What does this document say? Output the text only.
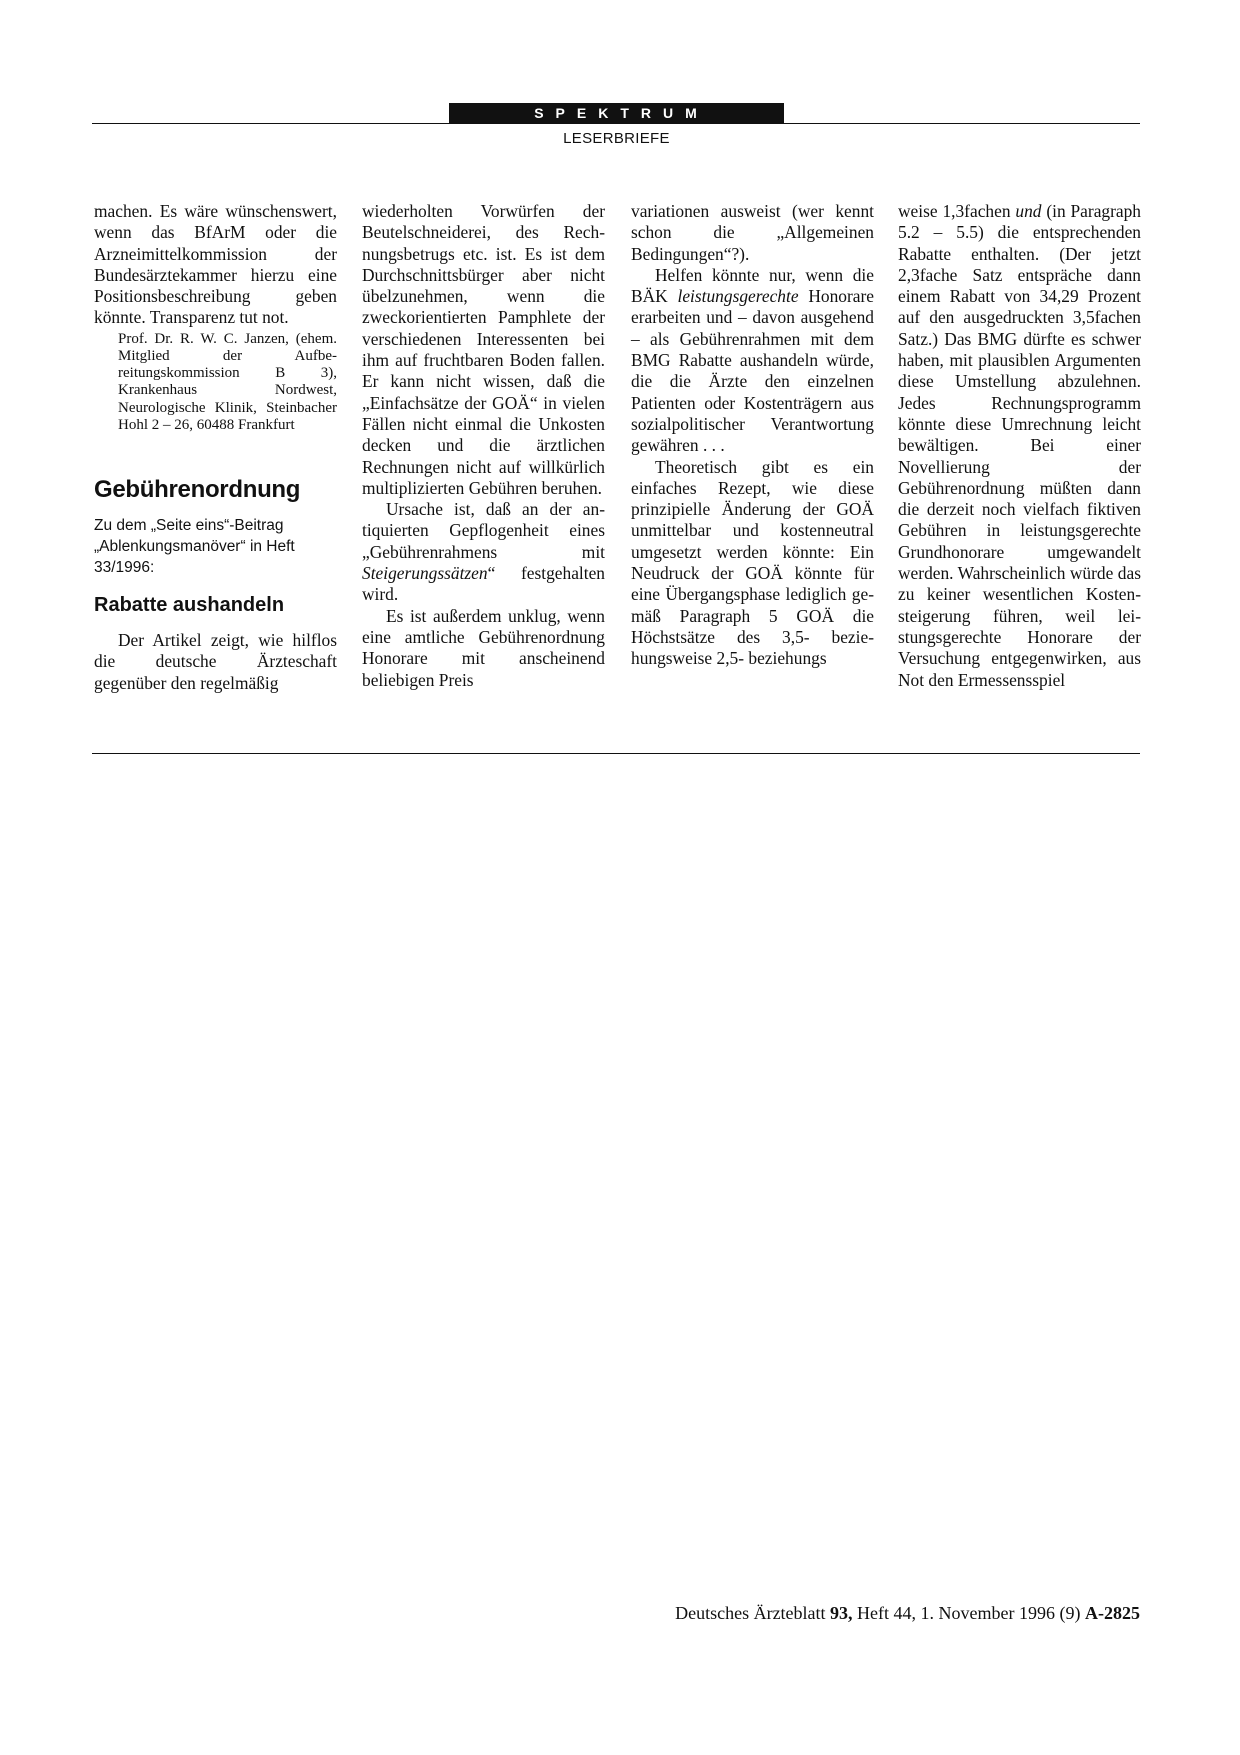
SPEKTRUM
LESERBRIEFE

machen. Es wäre wünschenswert, wenn das BfArM oder die Arzneimittelkommission der Bundesärztekammer hierzu eine Positionsbeschreibung geben könnte. Transparenz tut not.

Prof. Dr. R. W. C. Janzen, (ehem. Mitglied der Aufbereitungskommission B 3), Krankenhaus Nordwest, Neurologische Klinik, Steinbacher Hohl 2 – 26, 60488 Frankfurt

Gebührenordnung

Zu dem „Seite eins“-Beitrag „Ablenkungsmanöver“ in Heft 33/1996:

Rabatte aushandeln

Der Artikel zeigt, wie hilflos die deutsche Ärzteschaft gegenüber den regelmäßig

wiederholten Vorwürfen der Beutelschneiderei, des Rechnungsbetrugs etc. ist. Es ist dem Durchschnittsbürger aber nicht übelzunehmen, wenn die zweckorientierten Pamphlete der verschiedenen Interessenten bei ihm auf fruchtbaren Boden fallen. Er kann nicht wissen, daß die „Einfachsätze der GOÄ“ in vielen Fällen nicht einmal die Unkosten decken und die ärztlichen Rechnungen nicht auf willkürlich multiplizierten Gebühren beruhen.

Ursache ist, daß an der antiquierten Gepflogenheit eines „Gebührenrahmens mit Steigerungssätzen“ festgehalten wird.

Es ist außerdem unklug, wenn eine amtliche Gebührenordnung Honorare mit anscheinend beliebigen Preis

variationen ausweist (wer kennt schon die „Allgemeinen Bedingungen“?).

Helfen könnte nur, wenn die BÄK leistungsgerechte Honorare erarbeiten und – davon ausgehend – als Gebührenrahmen mit dem BMG Rabatte aushandeln würde, die die Ärzte den einzelnen Patienten oder Kostenträgern aus sozialpolitischer Verantwortung gewähren . . .

Theoretisch gibt es ein einfaches Rezept, wie diese prinzipielle Änderung der GOÄ unmittelbar und kostenneutral umgesetzt werden könnte: Ein Neudruck der GOÄ könnte für eine Übergangsphase lediglich gemäß Paragraph 5 GOÄ die Höchstsätze des 3,5- beziehungsweise 2,5- beziehungs

weise 1,3fachen und (in Paragraph 5.2 – 5.5) die entsprechenden Rabatte enthalten. (Der jetzt 2,3fache Satz entspräche dann einem Rabatt von 34,29 Prozent auf den ausgedruckten 3,5fachen Satz.) Das BMG dürfte es schwer haben, mit plausiblen Argumenten diese Umstellung abzulehnen. Jedes Rechnungsprogramm könnte diese Umrechnung leicht bewältigen. Bei einer Novellierung der Gebührenordnung müßten dann die derzeit noch vielfach fiktiven Gebühren in leistungsgerechte Grundhonorare umgewandelt werden. Wahrscheinlich würde das zu keiner wesentlichen Kostensteigerung führen, weil leistungsgerechte Honorare der Versuchung entgegenwirken, aus Not den Ermessensspiel

Deutsches Ärzteblatt 93, Heft 44, 1. November 1996 (9) A-2825
